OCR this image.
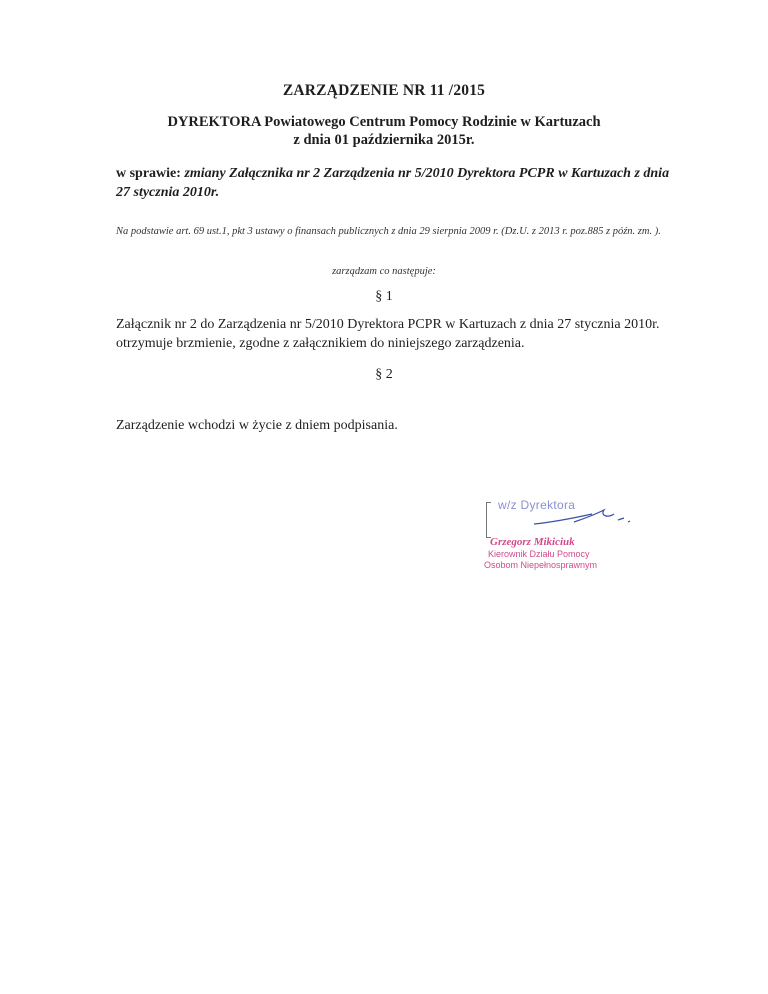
ZARZĄDZENIE NR 11 /2015
DYREKTORA Powiatowego Centrum Pomocy Rodzinie w Kartuzach
z dnia 01 października 2015r.
w sprawie: zmiany Załącznika nr 2 Zarządzenia nr 5/2010 Dyrektora PCPR w Kartuzach z dnia 27 stycznia 2010r.
Na podstawie art. 69 ust.1, pkt 3 ustawy o finansach publicznych z dnia 29 sierpnia 2009 r. (Dz.U. z 2013 r. poz.885 z późn. zm. ).
zarządzam co następuje:
§ 1
Załącznik nr 2 do Zarządzenia nr 5/2010 Dyrektora PCPR w Kartuzach z dnia 27 stycznia 2010r. otrzymuje brzmienie, zgodne z załącznikiem do niniejszego zarządzenia.
§ 2
Zarządzenie wchodzi w życie z dniem podpisania.
w/z Dyrektora
Grzegorz Mikiciuk
Kierownik Działu Pomocy
Osobom Niepełnosprawnym
